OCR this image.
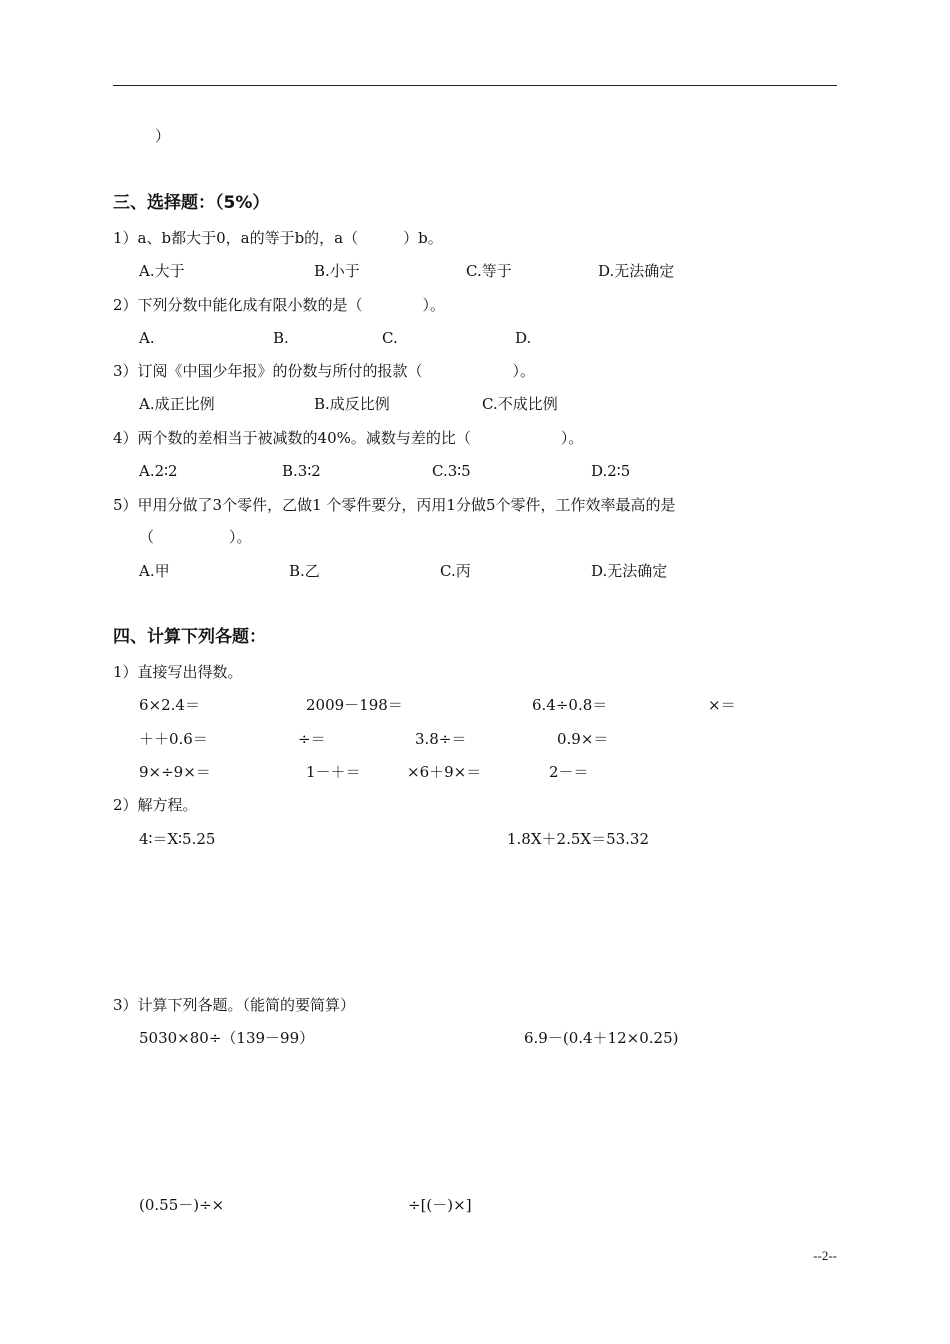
）
三、选择题：（5%）
1）a、b都大于0，a的等于b的，a（　　　）b。
A.大于	B.小于	C.等于	D.无法确定
2）下列分数中能化成有限小数的是（　　　　）。
A.	B.	C.	D.
3）订阅《中国少年报》的份数与所付的报款（　　　　　　）。
A.成正比例	B.成反比例	C.不成比例
4）两个数的差相当于被减数的40%。减数与差的比（　　　　　　）。
A.2∶2	B.3∶2	C.3∶5	D.2∶5
5）甲用分做了3个零件，乙做1 个零件要分，丙用1分做5个零件，工作效率最高的是
（　　　　　）。
A.甲	B.乙	C.丙	D.无法确定
四、计算下列各题：
1）直接写出得数。
6×2.4＝	2009－198＝	6.4÷0.8＝	×＝
＋＋0.6＝	÷＝	3.8÷＝	0.9×＝
9×÷9×＝	1－＋＝	×6＋9×＝	2－＝
2）解方程。
4∶＝X∶5.25	1.8X＋2.5X＝53.32
3）计算下列各题。（能简的要简算）
5030×80÷（139－99）	6.9－(0.4＋12×0.25)
(0.55－)÷×	÷[(－)×]
--2--
